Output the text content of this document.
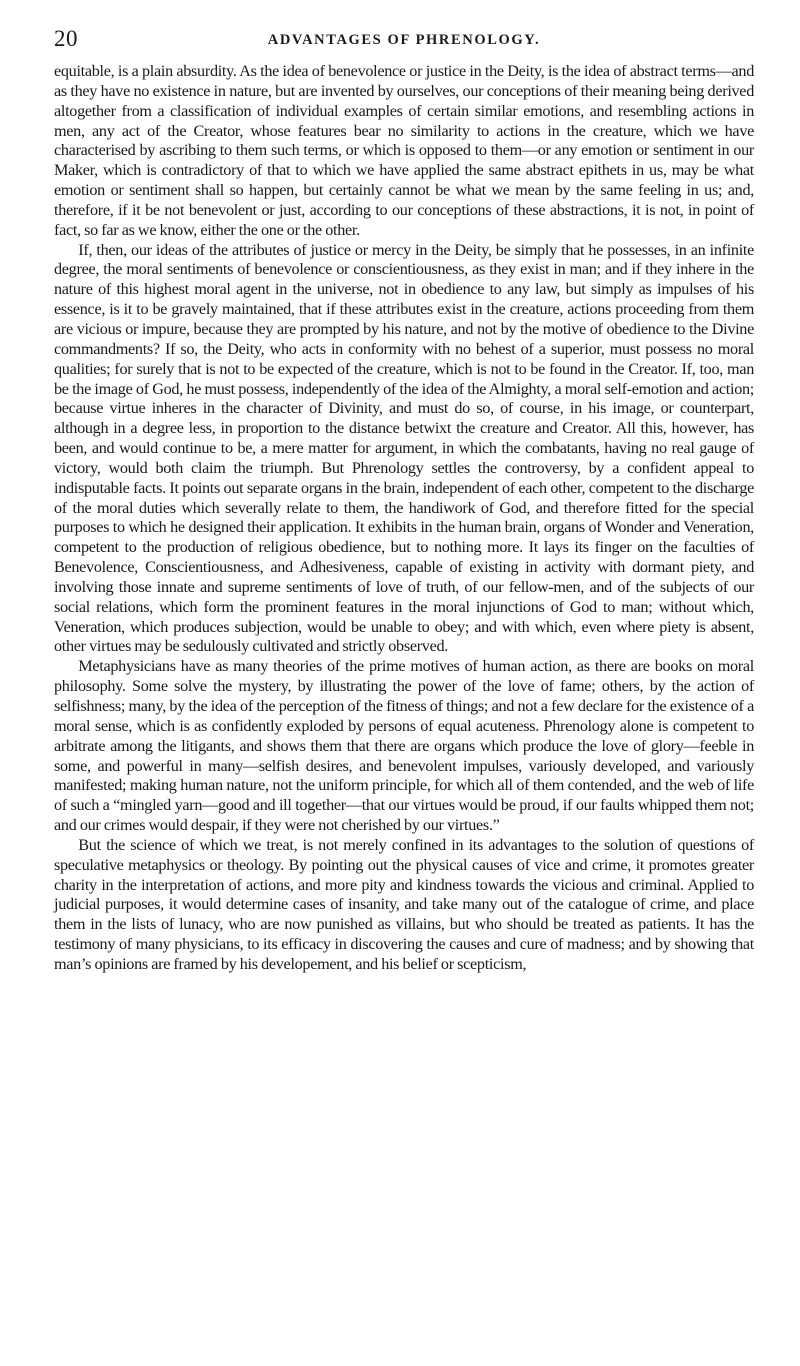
20	ADVANTAGES OF PHRENOLOGY.

equitable, is a plain absurdity. As the idea of benevolence or justice in the Deity, is the idea of abstract terms—and as they have no existence in nature, but are invented by ourselves, our conceptions of their meaning being derived altogether from a classification of individual examples of certain similar emotions, and resembling actions in men, any act of the Creator, whose features bear no similarity to actions in the creature, which we have characterised by ascribing to them such terms, or which is opposed to them—or any emotion or sentiment in our Maker, which is contradictory of that to which we have applied the same abstract epithets in us, may be what emotion or sentiment shall so happen, but certainly cannot be what we mean by the same feeling in us; and, therefore, if it be not benevolent or just, according to our conceptions of these abstractions, it is not, in point of fact, so far as we know, either the one or the other.

If, then, our ideas of the attributes of justice or mercy in the Deity, be simply that he possesses, in an infinite degree, the moral sentiments of benevolence or conscientiousness, as they exist in man; and if they inhere in the nature of this highest moral agent in the universe, not in obedience to any law, but simply as impulses of his essence, is it to be gravely maintained, that if these attributes exist in the creature, actions proceeding from them are vicious or impure, because they are prompted by his nature, and not by the motive of obedience to the Divine commandments? If so, the Deity, who acts in conformity with no behest of a superior, must possess no moral qualities; for surely that is not to be expected of the creature, which is not to be found in the Creator. If, too, man be the image of God, he must possess, independently of the idea of the Almighty, a moral self-emotion and action; because virtue inheres in the character of Divinity, and must do so, of course, in his image, or counterpart, although in a degree less, in proportion to the distance betwixt the creature and Creator. All this, however, has been, and would continue to be, a mere matter for argument, in which the combatants, having no real gauge of victory, would both claim the triumph. But Phrenology settles the controversy, by a confident appeal to indisputable facts. It points out separate organs in the brain, independent of each other, competent to the discharge of the moral duties which severally relate to them, the handiwork of God, and therefore fitted for the special purposes to which he designed their application. It exhibits in the human brain, organs of Wonder and Veneration, competent to the production of religious obedience, but to nothing more. It lays its finger on the faculties of Benevolence, Conscientiousness, and Adhesiveness, capable of existing in activity with dormant piety, and involving those innate and supreme sentiments of love of truth, of our fellow-men, and of the subjects of our social relations, which form the prominent features in the moral injunctions of God to man; without which, Veneration, which produces subjection, would be unable to obey; and with which, even where piety is absent, other virtues may be sedulously cultivated and strictly observed.

Metaphysicians have as many theories of the prime motives of human action, as there are books on moral philosophy. Some solve the mystery, by illustrating the power of the love of fame; others, by the action of selfishness; many, by the idea of the perception of the fitness of things; and not a few declare for the existence of a moral sense, which is as confidently exploded by persons of equal acuteness. Phrenology alone is competent to arbitrate among the litigants, and shows them that there are organs which produce the love of glory—feeble in some, and powerful in many—selfish desires, and benevolent impulses, variously developed, and variously manifested; making human nature, not the uniform principle, for which all of them contended, and the web of life of such a “mingled yarn—good and ill together—that our virtues would be proud, if our faults whipped them not; and our crimes would despair, if they were not cherished by our virtues.”

But the science of which we treat, is not merely confined in its advantages to the solution of questions of speculative metaphysics or theology. By pointing out the physical causes of vice and crime, it promotes greater charity in the interpretation of actions, and more pity and kindness towards the vicious and criminal. Applied to judicial purposes, it would determine cases of insanity, and take many out of the catalogue of crime, and place them in the lists of lunacy, who are now punished as villains, but who should be treated as patients. It has the testimony of many physicians, to its efficacy in discovering the causes and cure of madness; and by showing that man’s opinions are framed by his developement, and his belief or scepticism,
